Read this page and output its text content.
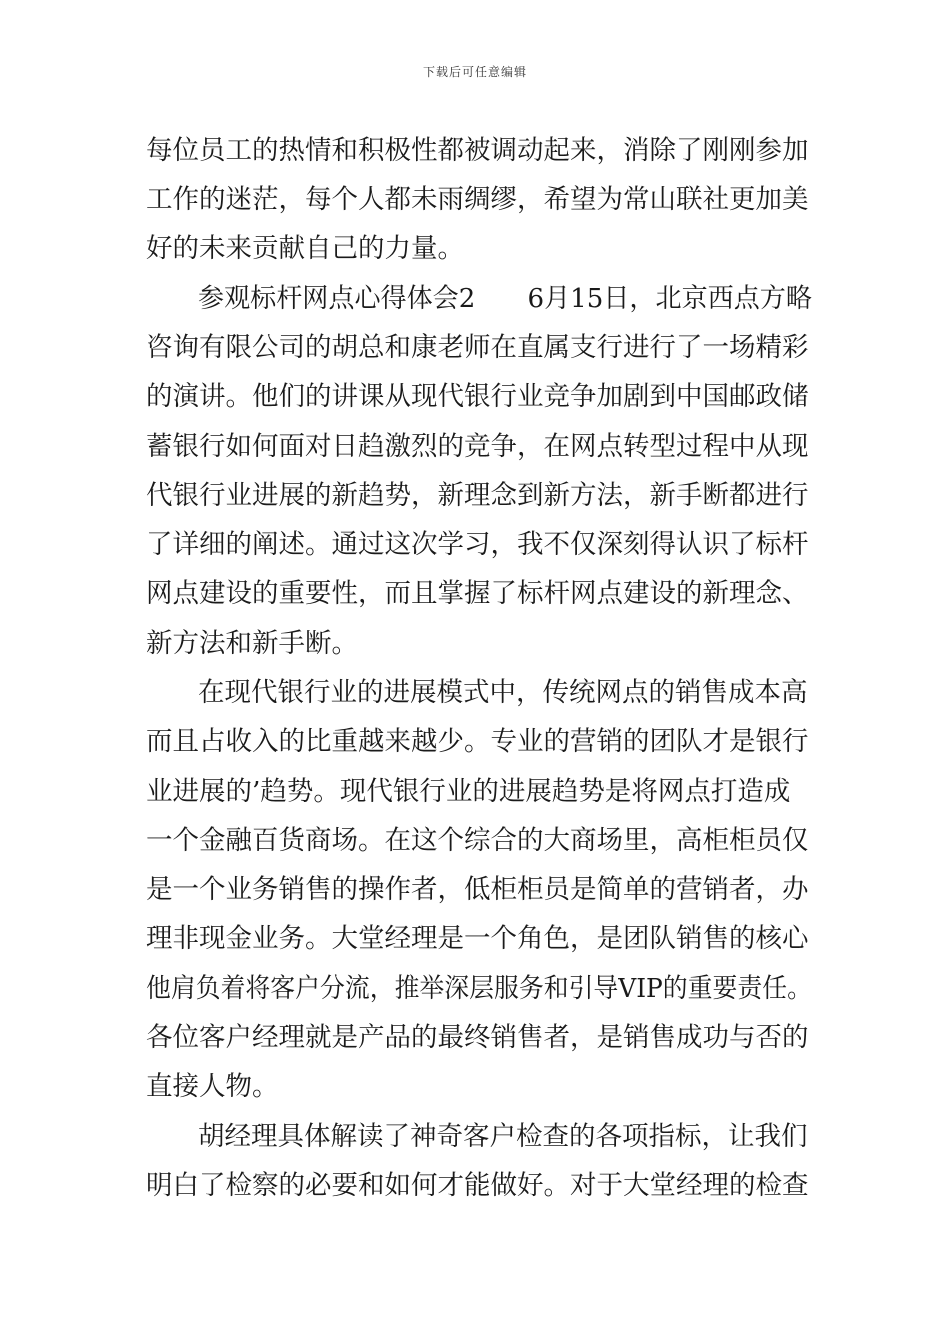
下载后可任意编辑
每位员工的热情和积极性都被调动起来，消除了刚刚参加
工作的迷茫，每个人都未雨绸缪，希望为常山联社更加美
好的未来贡献自己的力量。
参观标杆网点心得体会2　　6月15日，北京西点方略
咨询有限公司的胡总和康老师在直属支行进行了一场精彩
的演讲。他们的讲课从现代银行业竞争加剧到中国邮政储
蓄银行如何面对日趋激烈的竞争，在网点转型过程中从现
代银行业进展的新趋势，新理念到新方法，新手断都进行
了详细的阐述。通过这次学习，我不仅深刻得认识了标杆
网点建设的重要性，而且掌握了标杆网点建设的新理念、
新方法和新手断。
在现代银行业的进展模式中，传统网点的销售成本高
而且占收入的比重越来越少。专业的营销的团队才是银行
业进展的’趋势。现代银行业的进展趋势是将网点打造成
一个金融百货商场。在这个综合的大商场里，高柜柜员仅
是一个业务销售的操作者，低柜柜员是简单的营销者，办
理非现金业务。大堂经理是一个角色，是团队销售的核心
他肩负着将客户分流，推举深层服务和引导VIP的重要责任。
各位客户经理就是产品的最终销售者，是销售成功与否的
直接人物。
胡经理具体解读了神奇客户检查的各项指标，让我们
明白了检察的必要和如何才能做好。对于大堂经理的检查
